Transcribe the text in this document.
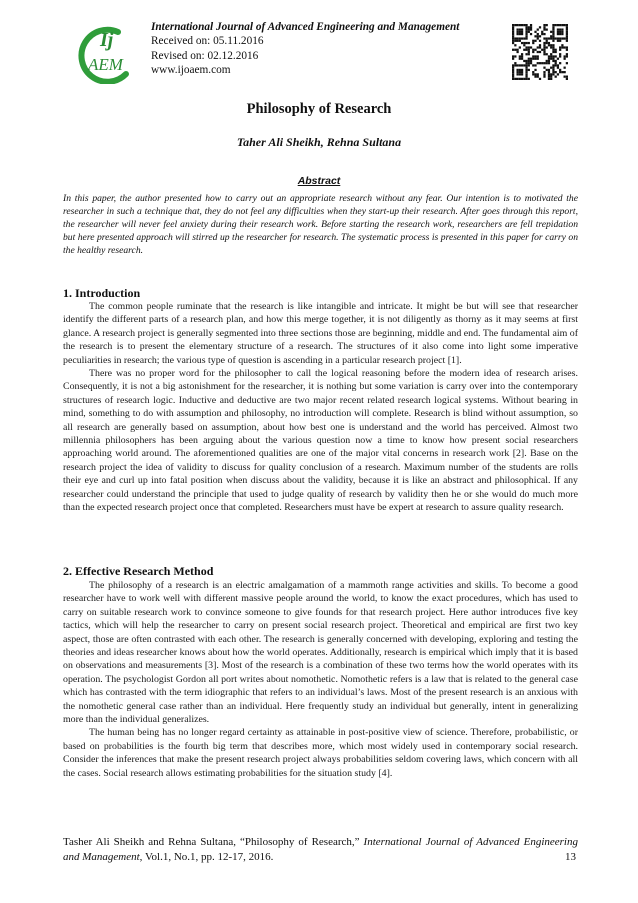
Ij
AEM
International Journal of Advanced Engineering and Management
Received on: 05.11.2016
Revised on: 02.12.2016
www.ijoaem.com
Philosophy of Research
Taher Ali Sheikh, Rehna Sultana
Abstract

In this paper, the author presented how to carry out an appropriate research without any fear. Our intention is to motivated the researcher in such a technique that, they do not feel any difficulties when they start-up their research. After goes through this report, the researcher will never feel anxiety during their research work. Before starting the research work, researchers are fell trepidation but here presented approach will stirred up the researcher for research. The systematic process is presented in this paper for carry on the healthy research.

1. Introduction

The common people ruminate that the research is like intangible and intricate. It might be but will see that researcher identify the different parts of a research plan, and how this merge together, it is not diligently as thorny as it may seems at first glance. A research project is generally segmented into three sections those are beginning, middle and end. The fundamental aim of the research is to present the elementary structure of a research. The structures of it also come into light some imperative peculiarities in research; the various type of question is ascending in a particular research project [1].

There was no proper word for the philosopher to call the logical reasoning before the modern idea of research arises. Consequently, it is not a big astonishment for the researcher, it is nothing but some variation is carry over into the contemporary structures of research logic. Inductive and deductive are two major recent related research logical systems. Without bearing in mind, something to do with assumption and philosophy, no introduction will complete. Research is blind without assumption, so all research are generally based on assumption, about how best one is understand and the world has perceived. Almost two millennia philosophers has been arguing about the various question now a time to know how present social researchers approaching world around. The aforementioned qualities are one of the major vital concerns in research work [2]. Base on the research project the idea of validity to discuss for quality conclusion of a research. Maximum number of the students are rolls their eye and curl up into fatal position when discuss about the validity, because it is like an abstract and philosophical. If any researcher could understand the principle that used to judge quality of research by validity then he or she would do much more than the expected research project once that completed. Researchers must have be expert at research to assure quality research.

2. Effective Research Method

The philosophy of a research is an electric amalgamation of a mammoth range activities and skills. To become a good researcher have to work well with different massive people around the world, to know the exact procedures, which has used to carry on suitable research work to convince someone to give founds for that research project. Here author introduces five key tactics, which will help the researcher to carry on present social research project. Theoretical and empirical are first two key aspect, those are often contrasted with each other. The research is generally concerned with developing, exploring and testing the theories and ideas researcher knows about how the world operates. Additionally, research is empirical which imply that it is based on observations and measurements [3]. Most of the research is a combination of these two terms how the world operates with its operation. The psychologist Gordon all port writes about nomothetic. Nomothetic refers is a law that is related to the general case which has contrasted with the term idiographic that refers to an individual’s laws. Most of the present research is an anxious with the nomothetic general case rather than an individual. Here frequently study an individual but generally, intent in generalizing more than the individual generalizes.

The human being has no longer regard certainty as attainable in post-positive view of science. Therefore, probabilistic, or based on probabilities is the fourth big term that describes more, which most widely used in contemporary social research. Consider the inferences that make the present research project always probabilities seldom covering laws, which concern with all the cases. Social research allows estimating probabilities for the situation study [4].

Tasher Ali Sheikh and Rehna Sultana, “Philosophy of Research,” International Journal of Advanced Engineering and Management, Vol.1, No.1, pp. 12-17, 2016.	13
